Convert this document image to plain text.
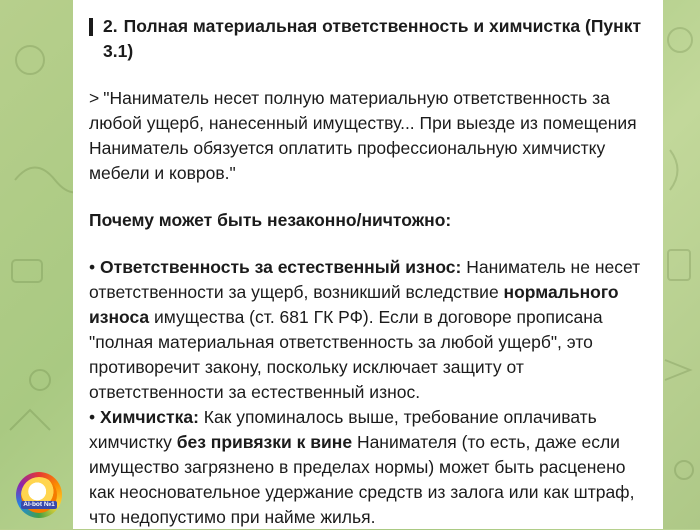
2. Полная материальная ответственность и химчистка (Пункт 3.1)

> "Наниматель несет полную материальную ответственность за любой ущерб, нанесенный имуществу... При выезде из помещения Наниматель обязуется оплатить профессиональную химчистку мебели и ковров."

Почему может быть незаконно/ничтожно:

• Ответственность за естественный износ: Наниматель не несет ответственности за ущерб, возникший вследствие нормального износа имущества (ст. 681 ГК РФ). Если в договоре прописана "полная материальная ответственность за любой ущерб", это противоречит закону, поскольку исключает защиту от ответственности за естественный износ.

• Химчистка: Как упоминалось выше, требование оплачивать химчистку без привязки к вине Нанимателя (то есть, даже если имущество загрязнено в пределах нормы) может быть расценено как неосновательное удержание средств из залога или как штраф, что недопустимо при найме жилья.

AI-bot №1
